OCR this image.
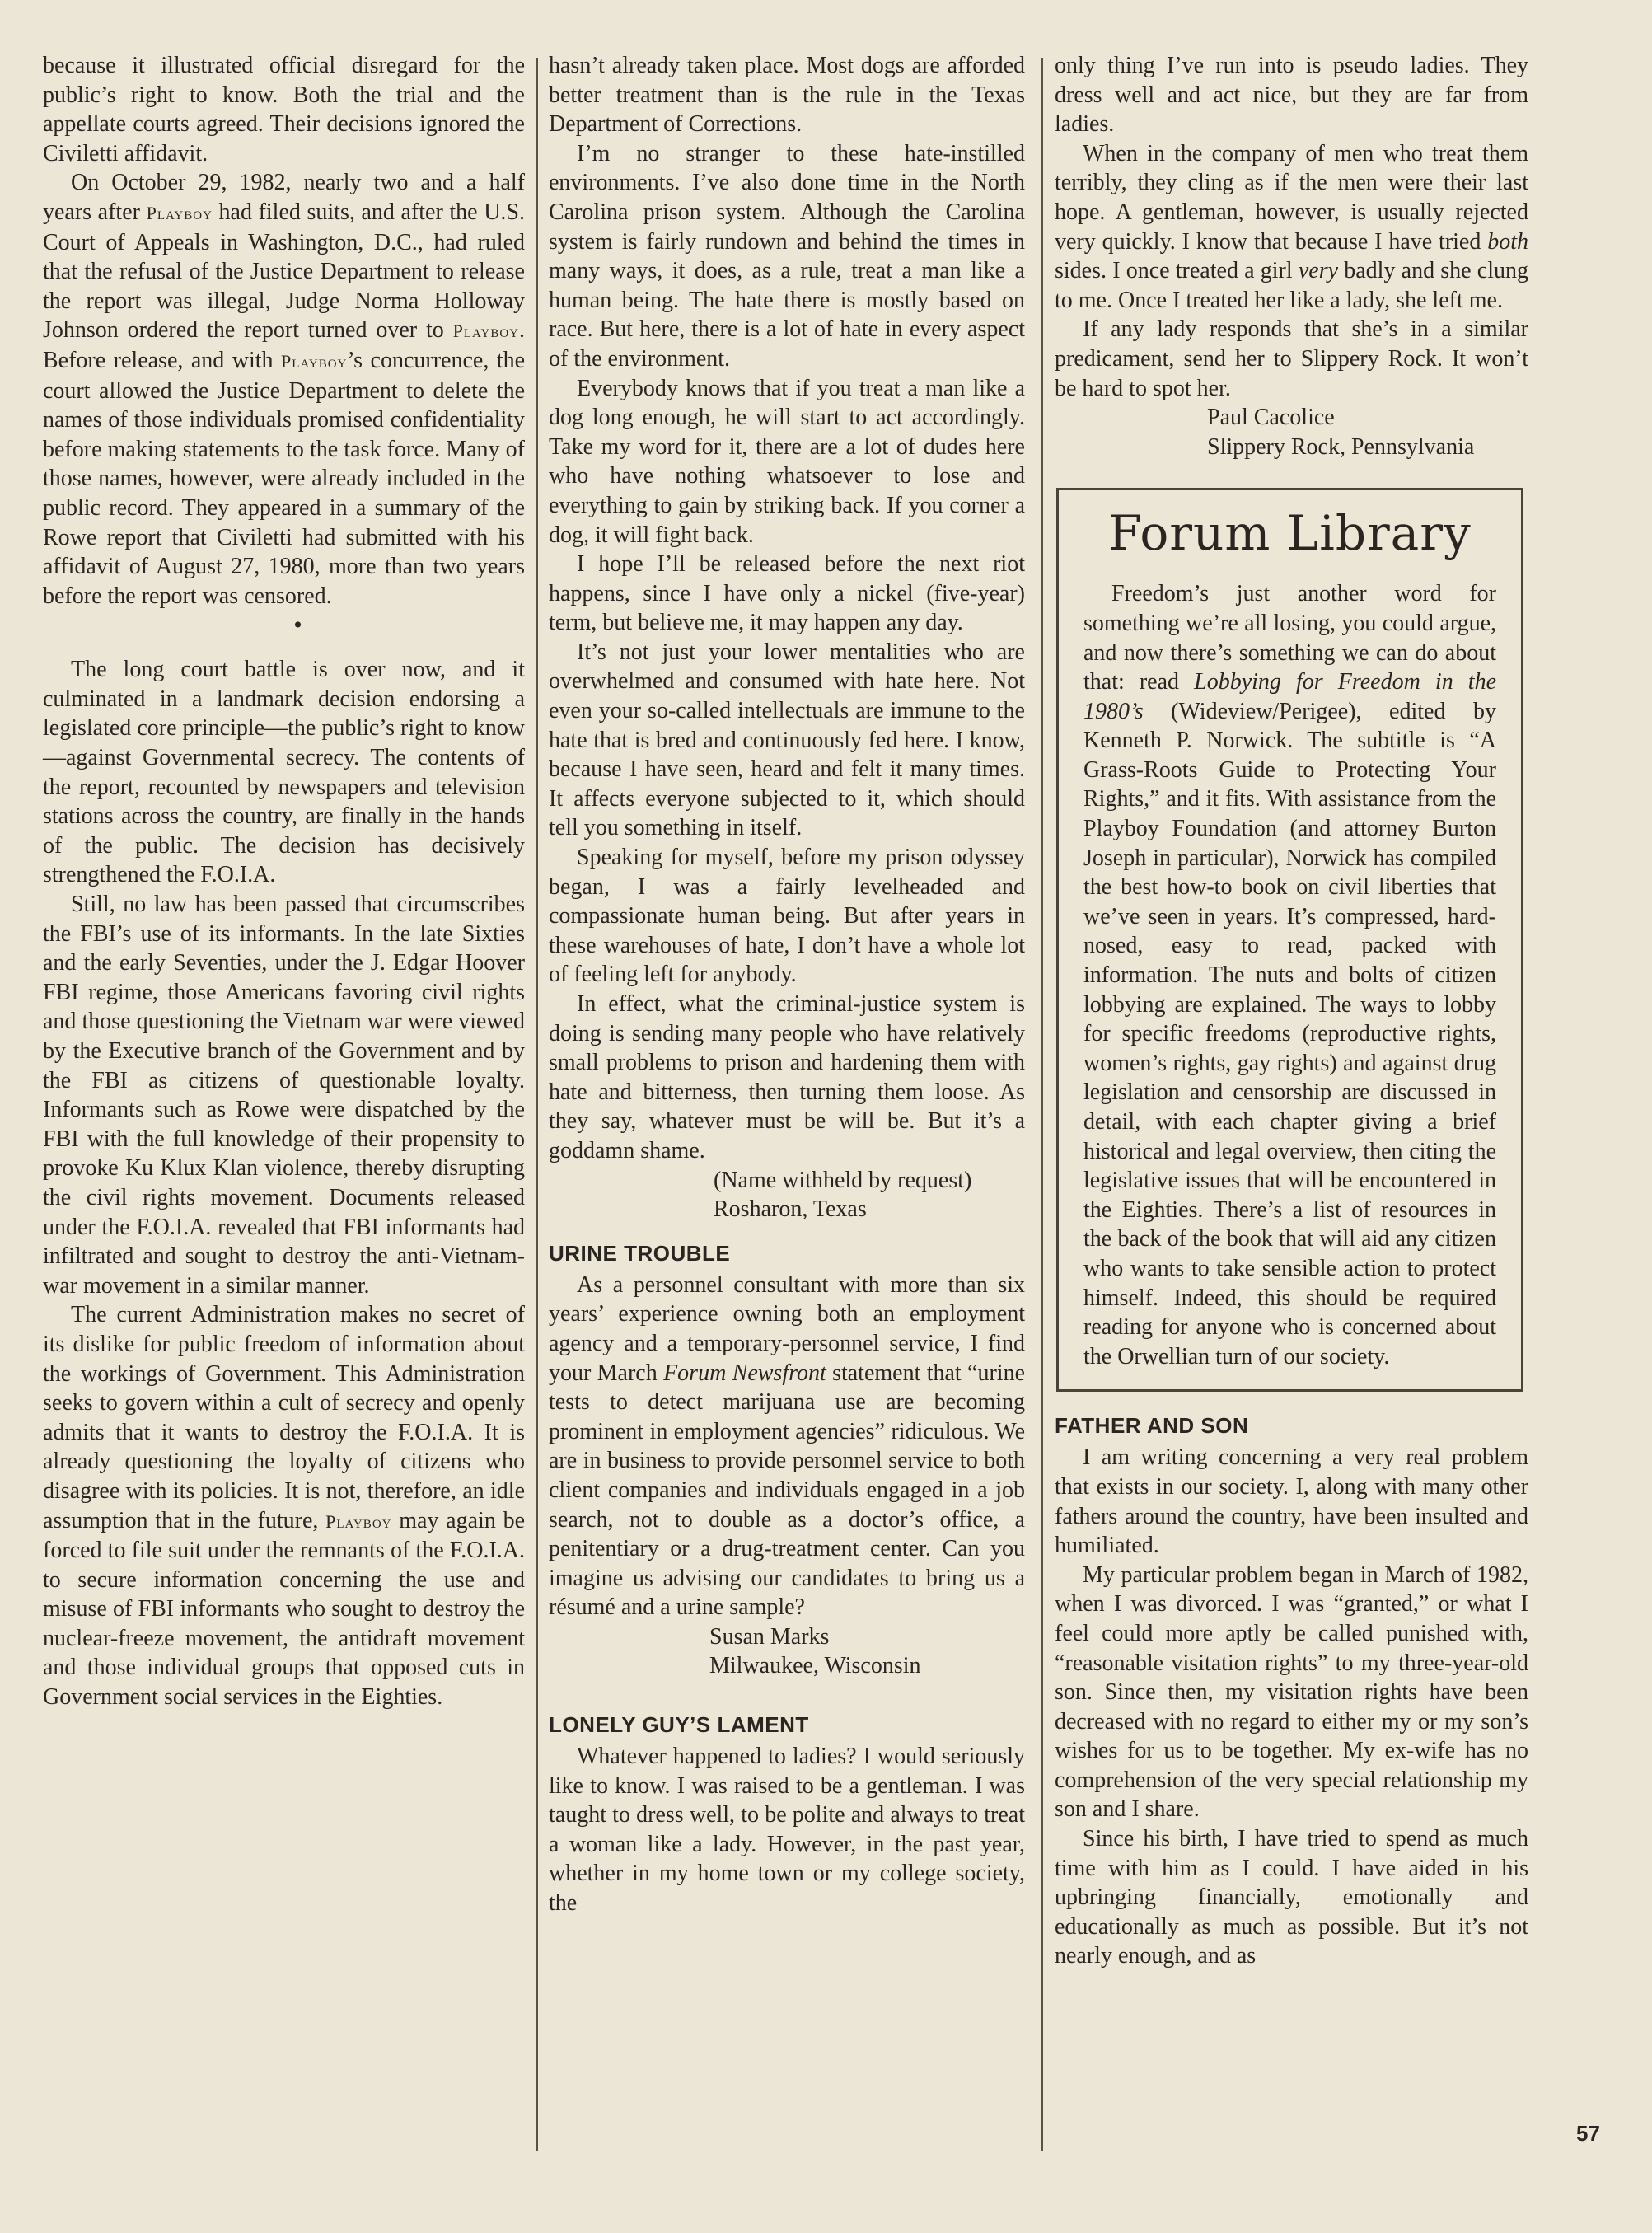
because it illustrated official disregard for the public’s right to know. Both the trial and the appellate courts agreed. Their decisions ignored the Civiletti affidavit.

On October 29, 1982, nearly two and a half years after Playboy had filed suits, and after the U.S. Court of Appeals in Washington, D.C., had ruled that the refusal of the Justice Department to release the report was illegal, Judge Norma Holloway Johnson ordered the report turned over to Playboy. Before release, and with Playboy’s concurrence, the court allowed the Justice Department to delete the names of those individuals promised confidentiality before making statements to the task force. Many of those names, however, were already included in the public record. They appeared in a summary of the Rowe report that Civiletti had submitted with his affidavit of August 27, 1980, more than two years before the report was censored.

•

The long court battle is over now, and it culminated in a landmark decision endorsing a legislated core principle—the public’s right to know—against Governmental secrecy. The contents of the report, recounted by newspapers and television stations across the country, are finally in the hands of the public. The decision has decisively strengthened the F.O.I.A.

Still, no law has been passed that circumscribes the FBI’s use of its informants. In the late Sixties and the early Seventies, under the J. Edgar Hoover FBI regime, those Americans favoring civil rights and those questioning the Vietnam war were viewed by the Executive branch of the Government and by the FBI as citizens of questionable loyalty. Informants such as Rowe were dispatched by the FBI with the full knowledge of their propensity to provoke Ku Klux Klan violence, thereby disrupting the civil rights movement. Documents released under the F.O.I.A. revealed that FBI informants had infiltrated and sought to destroy the anti-Vietnam-war movement in a similar manner.

The current Administration makes no secret of its dislike for public freedom of information about the workings of Government. This Administration seeks to govern within a cult of secrecy and openly admits that it wants to destroy the F.O.I.A. It is already questioning the loyalty of citizens who disagree with its policies. It is not, therefore, an idle assumption that in the future, Playboy may again be forced to file suit under the remnants of the F.O.I.A. to secure information concerning the use and misuse of FBI informants who sought to destroy the nuclear-freeze movement, the antidraft movement and those individual groups that opposed cuts in Government social services in the Eighties.

hasn’t already taken place. Most dogs are afforded better treatment than is the rule in the Texas Department of Corrections.

I’m no stranger to these hate-instilled environments. I’ve also done time in the North Carolina prison system. Although the Carolina system is fairly rundown and behind the times in many ways, it does, as a rule, treat a man like a human being. The hate there is mostly based on race. But here, there is a lot of hate in every aspect of the environment.

Everybody knows that if you treat a man like a dog long enough, he will start to act accordingly. Take my word for it, there are a lot of dudes here who have nothing whatsoever to lose and everything to gain by striking back. If you corner a dog, it will fight back.

I hope I’ll be released before the next riot happens, since I have only a nickel (five-year) term, but believe me, it may happen any day.

It’s not just your lower mentalities who are overwhelmed and consumed with hate here. Not even your so-called intellectuals are immune to the hate that is bred and continuously fed here. I know, because I have seen, heard and felt it many times. It affects everyone subjected to it, which should tell you something in itself.

Speaking for myself, before my prison odyssey began, I was a fairly levelheaded and compassionate human being. But after years in these warehouses of hate, I don’t have a whole lot of feeling left for anybody.

In effect, what the criminal-justice system is doing is sending many people who have relatively small problems to prison and hardening them with hate and bitterness, then turning them loose. As they say, whatever must be will be. But it’s a goddamn shame.

(Name withheld by request)
Rosharon, Texas
URINE TROUBLE

As a personnel consultant with more than six years’ experience owning both an employment agency and a temporary-personnel service, I find your March Forum Newsfront statement that “urine tests to detect marijuana use are becoming prominent in employment agencies” ridiculous. We are in business to provide personnel service to both client companies and individuals engaged in a job search, not to double as a doctor’s office, a penitentiary or a drug-treatment center. Can you imagine us advising our candidates to bring us a résumé and a urine sample?

Susan Marks
Milwaukee, Wisconsin
LONELY GUY’S LAMENT

Whatever happened to ladies? I would seriously like to know. I was raised to be a gentleman. I was taught to dress well, to be polite and always to treat a woman like a lady. However, in the past year, whether in my home town or my college society, the

only thing I’ve run into is pseudo ladies. They dress well and act nice, but they are far from ladies.

When in the company of men who treat them terribly, they cling as if the men were their last hope. A gentleman, however, is usually rejected very quickly. I know that because I have tried both sides. I once treated a girl very badly and she clung to me. Once I treated her like a lady, she left me.

If any lady responds that she’s in a similar predicament, send her to Slippery Rock. It won’t be hard to spot her.

Paul Cacolice
Slippery Rock, Pennsylvania
Forum Library

Freedom’s just another word for something we’re all losing, you could argue, and now there’s something we can do about that: read Lobbying for Freedom in the 1980’s (Wideview/Perigee), edited by Kenneth P. Norwick. The subtitle is “A Grass-Roots Guide to Protecting Your Rights,” and it fits. With assistance from the Playboy Foundation (and attorney Burton Joseph in particular), Norwick has compiled the best how-to book on civil liberties that we’ve seen in years. It’s compressed, hard-nosed, easy to read, packed with information. The nuts and bolts of citizen lobbying are explained. The ways to lobby for specific freedoms (reproductive rights, women’s rights, gay rights) and against drug legislation and censorship are discussed in detail, with each chapter giving a brief historical and legal overview, then citing the legislative issues that will be encountered in the Eighties. There’s a list of resources in the back of the book that will aid any citizen who wants to take sensible action to protect himself. Indeed, this should be required reading for anyone who is concerned about the Orwellian turn of our society.

FATHER AND SON

I am writing concerning a very real problem that exists in our society. I, along with many other fathers around the country, have been insulted and humiliated.

My particular problem began in March of 1982, when I was divorced. I was “granted,” or what I feel could more aptly be called punished with, “reasonable visitation rights” to my three-year-old son. Since then, my visitation rights have been decreased with no regard to either my or my son’s wishes for us to be together. My ex-wife has no comprehension of the very special relationship my son and I share.

Since his birth, I have tried to spend as much time with him as I could. I have aided in his upbringing financially, emotionally and educationally as much as possible. But it’s not nearly enough, and as

57
